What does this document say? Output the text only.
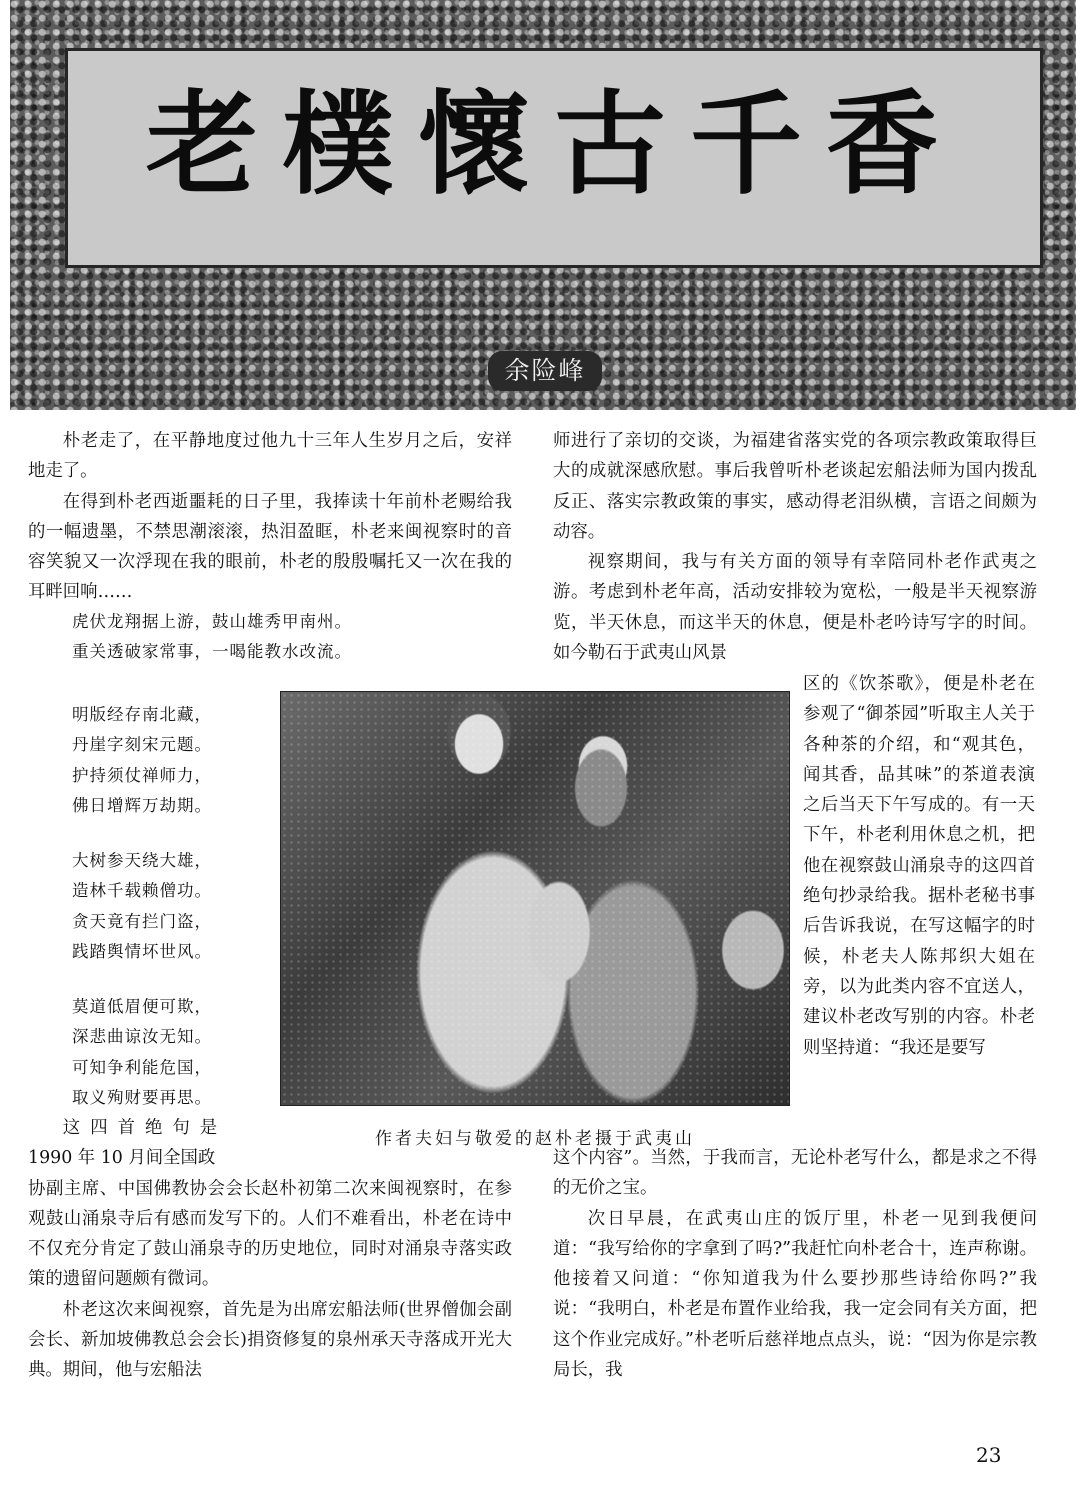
老樸懷古千香
余险峰

朴老走了，在平静地度过他九十三年人生岁月之后，安祥地走了。

在得到朴老西逝噩耗的日子里，我捧读十年前朴老赐给我的一幅遗墨，不禁思潮滚滚，热泪盈眶，朴老来闽视察时的音容笑貌又一次浮现在我的眼前，朴老的殷殷嘱托又一次在我的耳畔回响……

虎伏龙翔据上游，鼓山雄秀甲南州。
重关透破家常事，一喝能教水改流。
明版经存南北藏，
丹崖字刻宋元题。
护持须仗禅师力，
佛日增辉万劫期。
大树参天绕大雄，
造林千载赖僧功。
贪天竟有拦门盗，
践踏舆情坏世风。
莫道低眉便可欺，
深悲曲谅汝无知。
可知争利能危国，
取义殉财要再思。

这四首绝句是

1990 年 10 月间全国政

协副主席、中国佛教协会会长赵朴初第二次来闽视察时，在参观鼓山涌泉寺后有感而发写下的。人们不难看出，朴老在诗中不仅充分肯定了鼓山涌泉寺的历史地位，同时对涌泉寺落实政策的遗留问题颇有微词。

朴老这次来闽视察，首先是为出席宏船法师(世界僧伽会副会长、新加坡佛教总会会长)捐资修复的泉州承天寺落成开光大典。期间，他与宏船法

师进行了亲切的交谈，为福建省落实党的各项宗教政策取得巨大的成就深感欣慰。事后我曾听朴老谈起宏船法师为国内拨乱反正、落实宗教政策的事实，感动得老泪纵横，言语之间颇为动容。

视察期间，我与有关方面的领导有幸陪同朴老作武夷之游。考虑到朴老年高，活动安排较为宽松，一般是半天视察游览，半天休息，而这半天的休息，便是朴老吟诗写字的时间。如今勒石于武夷山风景

作者夫妇与敬爱的赵朴老摄于武夷山

区的《饮茶歌》，便是朴老在参观了“御茶园”听取主人关于各种茶的介绍，和“观其色，闻其香，品其味”的茶道表演之后当天下午写成的。有一天下午，朴老利用休息之机，把他在视察鼓山涌泉寺的这四首绝句抄录给我。据朴老秘书事后告诉我说，在写这幅字的时候，朴老夫人陈邦织大姐在旁，以为此类内容不宜送人，建议朴老改写别的内容。朴老则坚持道：“我还是要写

这个内容”。当然，于我而言，无论朴老写什么，都是求之不得的无价之宝。

次日早晨，在武夷山庄的饭厅里，朴老一见到我便问道：“我写给你的字拿到了吗?”我赶忙向朴老合十，连声称谢。他接着又问道：“你知道我为什么要抄那些诗给你吗?”我说：“我明白，朴老是布置作业给我，我一定会同有关方面，把这个作业完成好。”朴老听后慈祥地点点头，说：“因为你是宗教局长，我

23
